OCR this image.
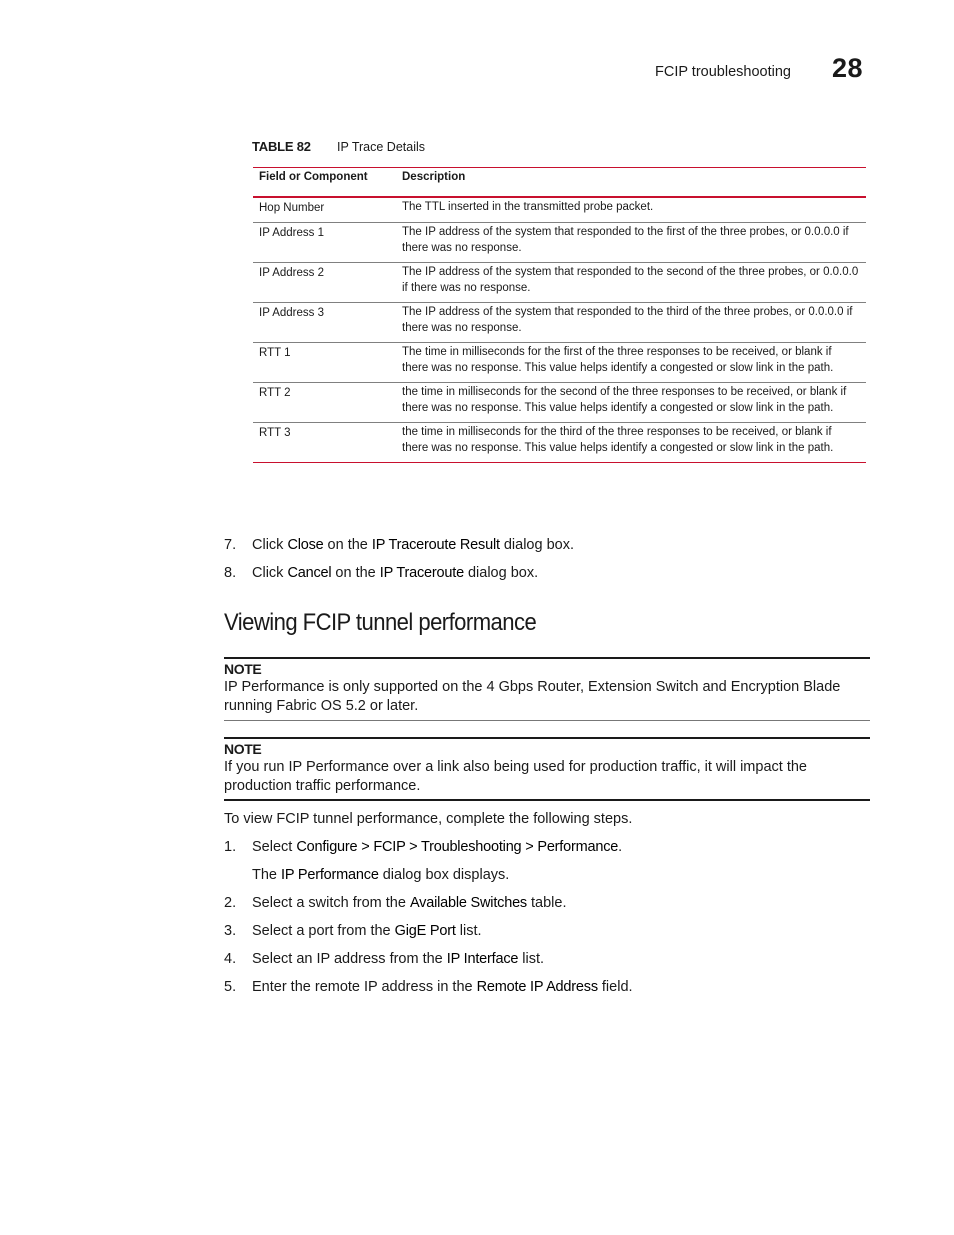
FCIP troubleshooting 28
TABLE 82 IP Trace Details
Field or Component	Description
Hop Number	The TTL inserted in the transmitted probe packet.
IP Address 1	The IP address of the system that responded to the first of the three probes, or 0.0.0.0 if there was no response.
IP Address 2	The IP address of the system that responded to the second of the three probes, or 0.0.0.0 if there was no response.
IP Address 3	The IP address of the system that responded to the third of the three probes, or 0.0.0.0 if there was no response.
RTT 1	The time in milliseconds for the first of the three responses to be received, or blank if there was no response. This value helps identify a congested or slow link in the path.
RTT 2	the time in milliseconds for the second of the three responses to be received, or blank if there was no response. This value helps identify a congested or slow link in the path.
RTT 3	the time in milliseconds for the third of the three responses to be received, or blank if there was no response. This value helps identify a congested or slow link in the path.
7. Click Close on the IP Traceroute Result dialog box.
8. Click Cancel on the IP Traceroute dialog box.
Viewing FCIP tunnel performance
NOTE
IP Performance is only supported on the 4 Gbps Router, Extension Switch and Encryption Blade
running Fabric OS 5.2 or later.
NOTE
If you run IP Performance over a link also being used for production traffic, it will impact the
production traffic performance.
To view FCIP tunnel performance, complete the following steps.
1. Select Configure > FCIP > Troubleshooting > Performance.
The IP Performance dialog box displays.
2. Select a switch from the Available Switches table.
3. Select a port from the GigE Port list.
4. Select an IP address from the IP Interface list.
5. Enter the remote IP address in the Remote IP Address field.
